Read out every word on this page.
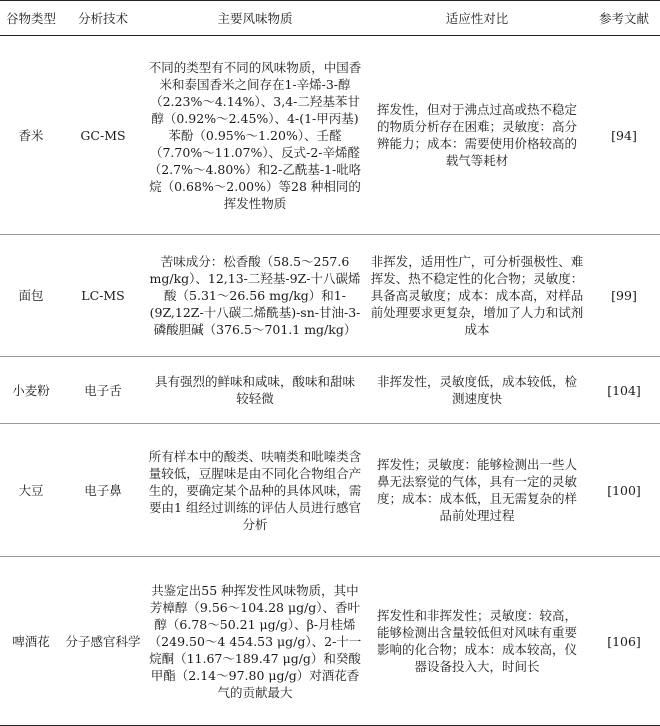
谷物类型	分析技术	主要风味物质	适应性对比	参考文献
香米	GC-MS	不同的类型有不同的风味物质，中国香米和泰国香米之间存在1-辛烯-3-醇（2.23%～4.14%）、3,4-二羟基苯甘醇（0.92%～2.45%）、4-(1-甲丙基)苯酚（0.95%～1.20%）、壬醛（7.70%～11.07%）、反式-2-辛烯醛（2.7%～4.80%）和2-乙酰基-1-吡咯烷（0.68%～2.00%）等28 种相同的挥发性物质	挥发性，但对于沸点过高或热不稳定的物质分析存在困难；灵敏度：高分辨能力；成本：需要使用价格较高的载气等耗材	[94]
面包	LC-MS	苦味成分：松香酸（58.5～257.6 mg/kg）、12,13-二羟基-9Z-十八碳烯酸（5.31～26.56 mg/kg）和1-(9Z,12Z-十八碳二烯酰基)-sn-甘油-3-磷酸胆碱（376.5～701.1 mg/kg）	非挥发，适用性广，可分析强极性、难挥发、热不稳定性的化合物；灵敏度：具备高灵敏度；成本：成本高，对样品前处理要求更复杂，增加了人力和试剂成本	[99]
小麦粉	电子舌	具有强烈的鲜味和咸味，酸味和甜味较轻微	非挥发性，灵敏度低，成本较低，检测速度快	[104]
大豆	电子鼻	所有样本中的酸类、呋喃类和吡嗪类含量较低，豆腥味是由不同化合物组合产生的，要确定某个品种的具体风味，需要由1 组经过训练的评估人员进行感官分析	挥发性；灵敏度：能够检测出一些人鼻无法察觉的气体，具有一定的灵敏度；成本：成本低，且无需复杂的样品前处理过程	[100]
啤酒花	分子感官科学	共鉴定出55 种挥发性风味物质，其中芳樟醇（9.56～104.28 μg/g）、香叶醇（6.78～50.21 μg/g）、β-月桂烯（249.50～4 454.53 μg/g）、2-十一烷酮（11.67～189.47 μg/g）和癸酸甲酯（2.14～97.80 μg/g）对酒花香气的贡献最大	挥发性和非挥发性；灵敏度：较高，能够检测出含量较低但对风味有重要影响的化合物；成本：成本较高，仪器设备投入大，时间长	[106]
